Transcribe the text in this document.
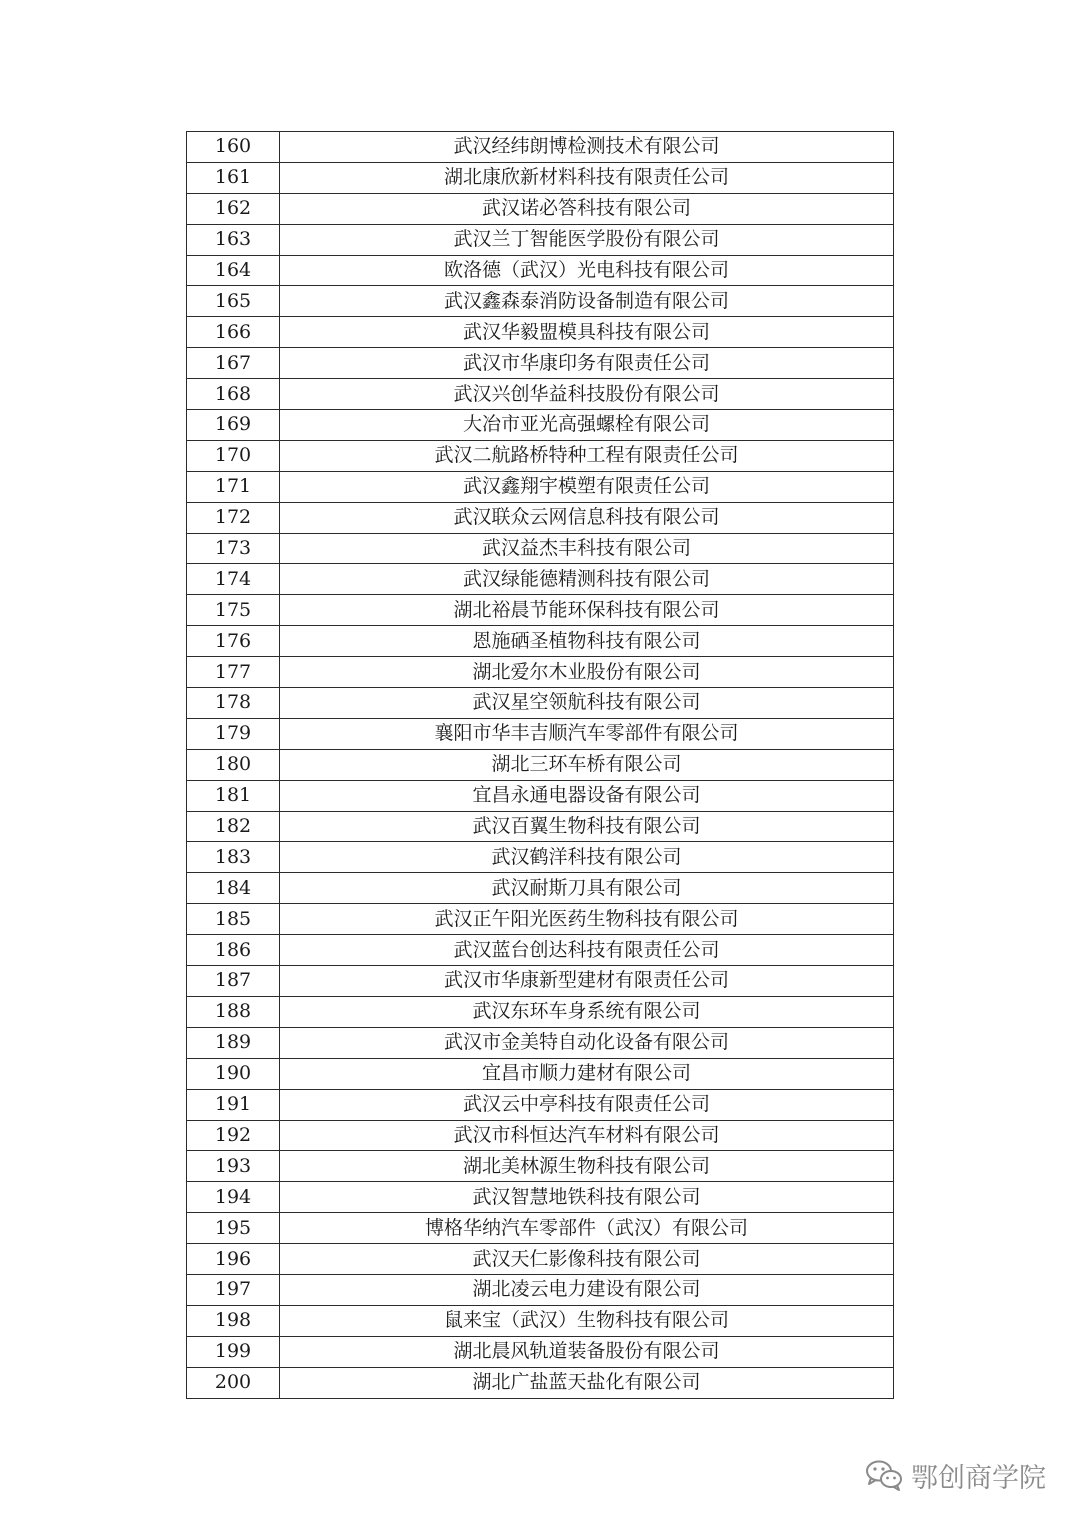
160	武汉经纬朗博检测技术有限公司
161	湖北康欣新材料科技有限责任公司
162	武汉诺必答科技有限公司
163	武汉兰丁智能医学股份有限公司
164	欧洛德（武汉）光电科技有限公司
165	武汉鑫森泰消防设备制造有限公司
166	武汉华毅盟模具科技有限公司
167	武汉市华康印务有限责任公司
168	武汉兴创华益科技股份有限公司
169	大冶市亚光高强螺栓有限公司
170	武汉二航路桥特种工程有限责任公司
171	武汉鑫翔宇模塑有限责任公司
172	武汉联众云网信息科技有限公司
173	武汉益杰丰科技有限公司
174	武汉绿能德精测科技有限公司
175	湖北裕晨节能环保科技有限公司
176	恩施硒圣植物科技有限公司
177	湖北爱尔木业股份有限公司
178	武汉星空领航科技有限公司
179	襄阳市华丰吉顺汽车零部件有限公司
180	湖北三环车桥有限公司
181	宜昌永通电器设备有限公司
182	武汉百翼生物科技有限公司
183	武汉鹤洋科技有限公司
184	武汉耐斯刀具有限公司
185	武汉正午阳光医药生物科技有限公司
186	武汉蓝台创达科技有限责任公司
187	武汉市华康新型建材有限责任公司
188	武汉东环车身系统有限公司
189	武汉市金美特自动化设备有限公司
190	宜昌市顺力建材有限公司
191	武汉云中亭科技有限责任公司
192	武汉市科恒达汽车材料有限公司
193	湖北美林源生物科技有限公司
194	武汉智慧地铁科技有限公司
195	博格华纳汽车零部件（武汉）有限公司
196	武汉天仁影像科技有限公司
197	湖北凌云电力建设有限公司
198	鼠来宝（武汉）生物科技有限公司
199	湖北晨风轨道装备股份有限公司
200	湖北广盐蓝天盐化有限公司
鄂创商学院
